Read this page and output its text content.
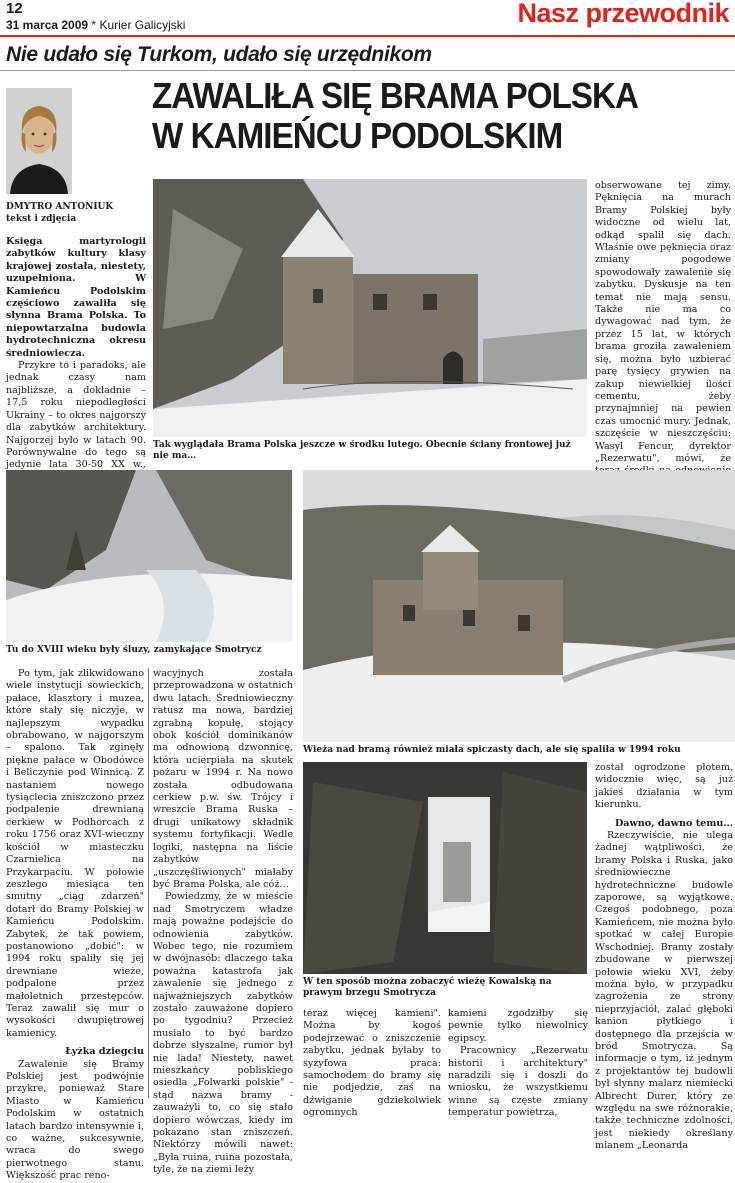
12
31 marca 2009 * Kurier Galicyjski	Nasz przewodnik
Nie udało się Turkom, udało się urzędnikom
ZAWALIŁA SIĘ BRAMA POLSKA
W KAMIEŃCU PODOLSKIM
DMYTRO ANTONIUK
tekst i zdjęcia

Księga martyrologii zabytków kultury klasy krajowej została, niestety, uzupełniona. W Kamieńcu Podolskim częściowo zawaliła się słynna Brama Polska. To niepowtarzalna budowla hydrotechniczna okresu średniowiecza.

Przykre to i paradoks, ale jednak czasy nam najbliższe, a dokładnie – 17,5 roku niepodległości Ukrainy – to okres najgorszy dla zabytków architektury. Najgorzej było w latach 90. Porównywalne do tego są jedynie lata 30-50 XX w.,

Tak wyglądała Brama Polska jeszcze w środku lutego. Obecnie ściany frontowej już nie ma…

obserwowane tej zimy. Pęknięcia na murach Bramy Polskiej były widoczne od wielu lat, odkąd spalił się dach. Właśnie owe pęknięcia oraz zmiany pogodowe spowodowały zawalenie się zabytku. Dyskusje na ten temat nie mają sensu. Także nie ma co dywagować nad tym, że przez 15 lat, w których brama groziła zawaleniem się, można było uzbierać parę tysięcy grywien na zakup niewielkiej ilości cementu, żeby przynajmniej na pewien czas umocnić mury. Jednak, szczęście w nieszczęściu: Wasyl Fencur, dyrektor „Rezerwatu", mówi, że

Tu do XVIII wieku były śluzy, zamykające Smotrycz
Wieża nad bramą również miała spiczasty dach, ale się spaliła w 1994 roku
W ten sposób można zobaczyć wieżę Kowalską na prawym brzegu Smotrycza

Po tym, jak zlikwidowano wiele instytucji sowieckich, pałace, klasztory i muzea, które stały się niczyje, w najlepszym wypadku obrabowano, w najgorszym – spalono. Tak zginęły piękne pałace w Obodówce i Beliczynie pod Winnicą. Z nastaniem nowego tysiąclecia zniszczono przez podpalenie drewnianą cerkiew w Podhorcach z roku 1756 oraz XVI-wieczny kościół w miasteczku Czarnielica na Przykarpaciu. W połowie zeszłego miesiąca ten smutny „ciąg zdarzeń" dotarł do Bramy Polskiej w Kamieńcu Podolskim. Zabytek, że tak powiem, postanowiono „dobić": w 1994 roku spaliły się jej drewniane wieże, podpalone przez małoletnich przestępców. Teraz zawalił się mur o wysokości dwupiętrowej kamienicy.

Łyżka dziegciu

Zawalenie się Bramy Polskiej jest podwójnie przykre, ponieważ Stare Miasto w Kamieńcu Podolskim w ostatnich latach bardzo intensywnie i, co ważne, sukcesywnie, wraca do swego pierwotnego stanu. Większość prac reno-

wacyjnych została przeprowadzona w ostatnich dwu latach. Średniowieczny ratusz ma nowa, bardziej zgrabną kopułę, stojący obok kościół dominikanów ma odnowioną dzwonnicę, która ucierpiała na skutek pożaru w 1994 r. Na nowo została odbudowana cerkiew p.w. św. Trójcy i wreszcie Brama Ruska – drugi unikatowy składnik systemu fortyfikacji. Wedle logiki, następna na liście zabytków „uszczęśliwionych" miałaby być Brama Polska, ale cóż…

Powiedzmy, że w mieście nad Smotryczem władze mają poważne podejście do odnowienia zabytków. Wobec tego, nie rozumiem w dwójnasób: dlaczego taka poważna katastrofa jak zawalenie się jednego z najważniejszych zabytków zostało zauważone dopiero po tygodniu? Przecież musiało to być bardzo dobrze słyszalne, rumor był nie lada! Niestety, nawet mieszkańcy pobliskiego osiedla „Folwarki polskie" - stąd nazwa bramy - zauważyli to, co się stało dopiero wówczas, kiedy im pokazano stan zniszczeń. Niektórzy mówili nawet: „Była ruina, ruina pozostała, tyle, że na ziemi leży

teraz więcej kamieni". Można by kogoś podejrzewać o zniszczenie zabytku, jednak byłaby to syzyfowa praca: samochodem do bramy się nie podjedzie, zaś na dźwiganie gdziekolwiek ogromnych

kamieni zgodziłby się pewnie tylko niewolnicy egipscy.

Pracownicy „Rezerwatu historii i architektury" naradzili się i doszli do wniosku, że wszystkiemu winne są częste zmiany temperatur powietrza,

został ogrodzone płotem, widocznie więc, są już jakieś działania w tym kierunku.

Dawno, dawno temu…

Rzeczywiście, nie ulega żadnej wątpliwości, że bramy Polska i Ruska, jako średniowieczne hydrotechniczne budowle zaporowe, są wyjątkowe. Czegoś podobnego, poza Kamieńcem, nie można było spotkać w całej Europie Wschodniej. Bramy zostały zbudowane w pierwszej połowie wieku XVI, żeby można było, w przypadku zagrożenia ze strony nieprzyjaciół, zalać głęboki kanion płytkiego i dostępnego dla przejścia w bród Smotrycza. Są informacje o tym, iż jednym z projektantów tej budowli był słynny malarz niemiecki Albrecht Durer, który ze względu na swe różnorakie, także techniczne zdolności, jest niekiedy określany mianem „Leonarda
